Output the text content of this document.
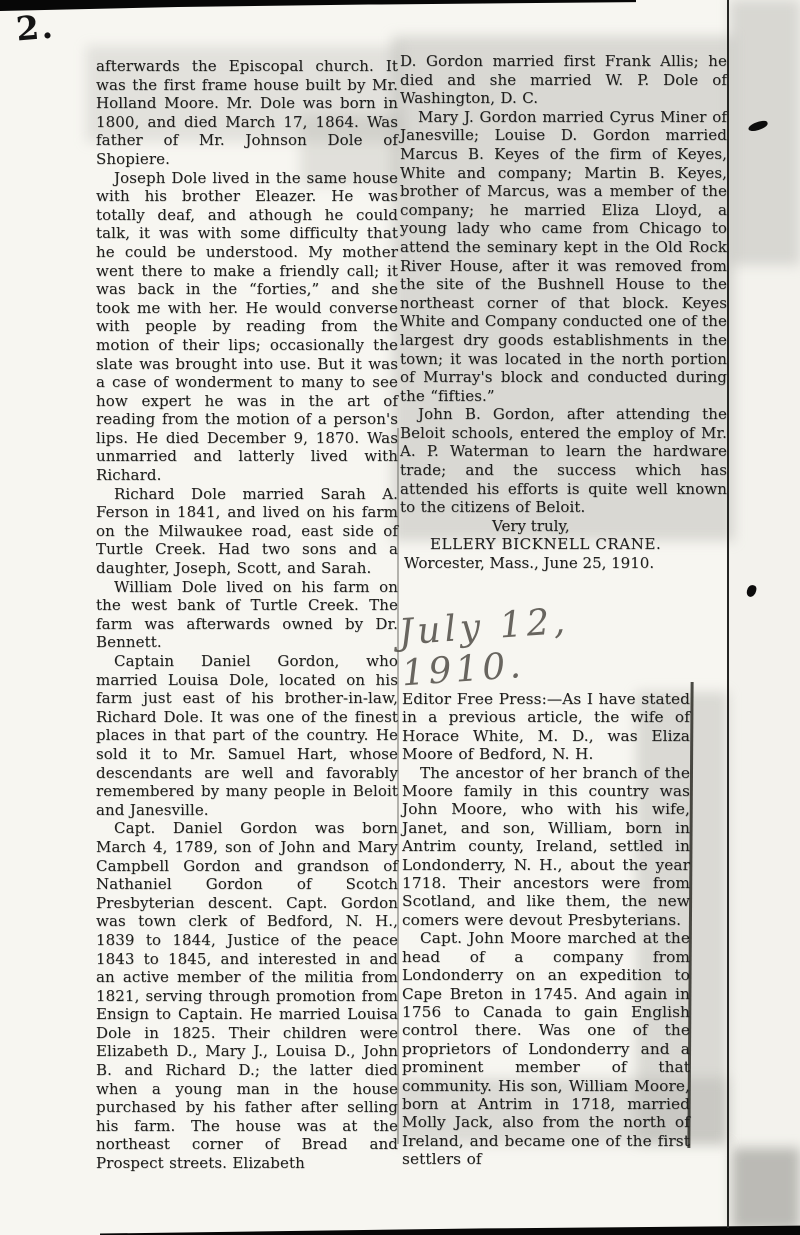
2.
July 12, 1910.

afterwards the Episcopal church. It was the first frame house built by Mr. Holland Moore. Mr. Dole was born in 1800, and died March 17, 1864. Was father of Mr. Johnson Dole of Shopiere.

Joseph Dole lived in the same house with his brother Eleazer. He was totally deaf, and athough he could talk, it was with some difficulty that he could be understood. My mother went there to make a friendly call; it was back in the “forties,” and she took me with her. He would converse with people by reading from the motion of their lips; occasionally the slate was brought into use. But it was a case of wonderment to many to see how expert he was in the art of reading from the motion of a person's lips. He died December 9, 1870. Was unmarried and latterly lived with Richard.

Richard Dole married Sarah A. Ferson in 1841, and lived on his farm on the Milwaukee road, east side of Turtle Creek. Had two sons and a daughter, Joseph, Scott, and Sarah.

William Dole lived on his farm on the west bank of Turtle Creek. The farm was afterwards owned by Dr. Bennett.

Captain Daniel Gordon, who married Louisa Dole, located on his farm just east of his brother-in-law, Richard Dole. It was one of the finest places in that part of the country. He sold it to Mr. Samuel Hart, whose descendants are well and favorably remembered by many people in Beloit and Janesville.

Capt. Daniel Gordon was born March 4, 1789, son of John and Mary Campbell Gordon and grandson of Nathaniel Gordon of Scotch Presbyterian descent. Capt. Gordon was town clerk of Bedford, N. H., 1839 to 1844, Justice of the peace 1843 to 1845, and interested in and an active member of the militia from 1821, serving through promotion from Ensign to Captain. He married Louisa Dole in 1825. Their children were Elizabeth D., Mary J., Louisa D., John B. and Richard D.; the latter died when a young man in the house purchased by his father after selling his farm. The house was at the northeast corner of Bread and Prospect streets. Elizabeth

D. Gordon married first Frank Allis; he died and she married W. P. Dole of Washington, D. C.

Mary J. Gordon married Cyrus Miner of Janesville; Louise D. Gordon married Marcus B. Keyes of the firm of Keyes, White and company; Martin B. Keyes, brother of Marcus, was a member of the company; he married Eliza Lloyd, a young lady who came from Chicago to attend the seminary kept in the Old Rock River House, after it was removed from the site of the Bushnell House to the northeast corner of that block. Keyes White and Company conducted one of the largest dry goods establishments in the town; it was located in the north portion of Murray's block and conducted during the “fifties.”

John B. Gordon, after attending the Beloit schools, entered the employ of Mr. A. P. Waterman to learn the hardware trade; and the success which has attended his efforts is quite well known to the citizens of Beloit.

Very truly,

ELLERY BICKNELL CRANE.

Worcester, Mass., June 25, 1910.

Editor Free Press:—As I have stated in a previous article, the wife of Horace White, M. D., was Eliza Moore of Bedford, N. H.

The ancestor of her branch of the Moore family in this country was John Moore, who with his wife, Janet, and son, William, born in Antrim county, Ireland, settled in Londonderry, N. H., about the year 1718. Their ancestors were from Scotland, and like them, the new comers were devout Presbyterians.

Capt. John Moore marched at the head of a company from Londonderry on an expedition to Cape Breton in 1745. And again in 1756 to Canada to gain English control there. Was one of the proprietors of Londonderry and a prominent member of that community. His son, William Moore, born at Antrim in 1718, married Molly Jack, also from the north of Ireland, and became one of the first settlers of
